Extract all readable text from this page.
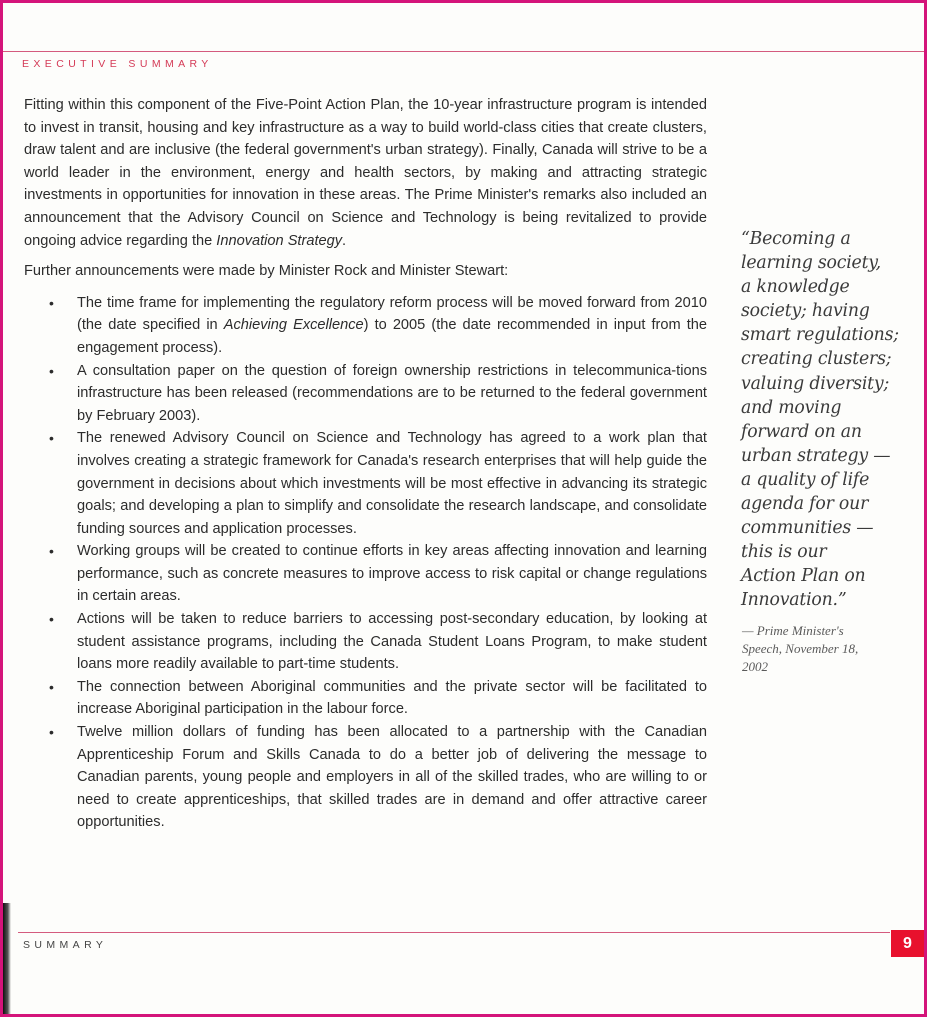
EXECUTIVE SUMMARY

Fitting within this component of the Five-Point Action Plan, the 10-year infrastructure program is intended to invest in transit, housing and key infrastructure as a way to build world-class cities that create clusters, draw talent and are inclusive (the federal government's urban strategy). Finally, Canada will strive to be a world leader in the environment, energy and health sectors, by making and attracting strategic investments in opportunities for innovation in these areas. The Prime Minister's remarks also included an announcement that the Advisory Council on Science and Technology is being revitalized to provide ongoing advice regarding the Innovation Strategy.

Further announcements were made by Minister Rock and Minister Stewart:

• The time frame for implementing the regulatory reform process will be moved forward from 2010 (the date specified in Achieving Excellence) to 2005 (the date recommended in input from the engagement process).
• A consultation paper on the question of foreign ownership restrictions in telecommunica-tions infrastructure has been released (recommendations are to be returned to the federal government by February 2003).
• The renewed Advisory Council on Science and Technology has agreed to a work plan that involves creating a strategic framework for Canada's research enterprises that will help guide the government in decisions about which investments will be most effective in advancing its strategic goals; and developing a plan to simplify and consolidate the research landscape, and consolidate funding sources and application processes.
• Working groups will be created to continue efforts in key areas affecting innovation and learning performance, such as concrete measures to improve access to risk capital or change regulations in certain areas.
• Actions will be taken to reduce barriers to accessing post-secondary education, by looking at student assistance programs, including the Canada Student Loans Program, to make student loans more readily available to part-time students.
• The connection between Aboriginal communities and the private sector will be facilitated to increase Aboriginal participation in the labour force.
• Twelve million dollars of funding has been allocated to a partnership with the Canadian Apprenticeship Forum and Skills Canada to do a better job of delivering the message to Canadian parents, young people and employers in all of the skilled trades, who are willing to or need to create apprenticeships, that skilled trades are in demand and offer attractive career opportunities.
“Becoming a
learning society,
a knowledge
society; having
smart regulations;
creating clusters;
valuing diversity;
and moving
forward on an
urban strategy —
a quality of life
agenda for our
communities —
this is our
Action Plan on
Innovation.”
— Prime Minister's
Speech, November 18,
2002
SUMMARY	9
